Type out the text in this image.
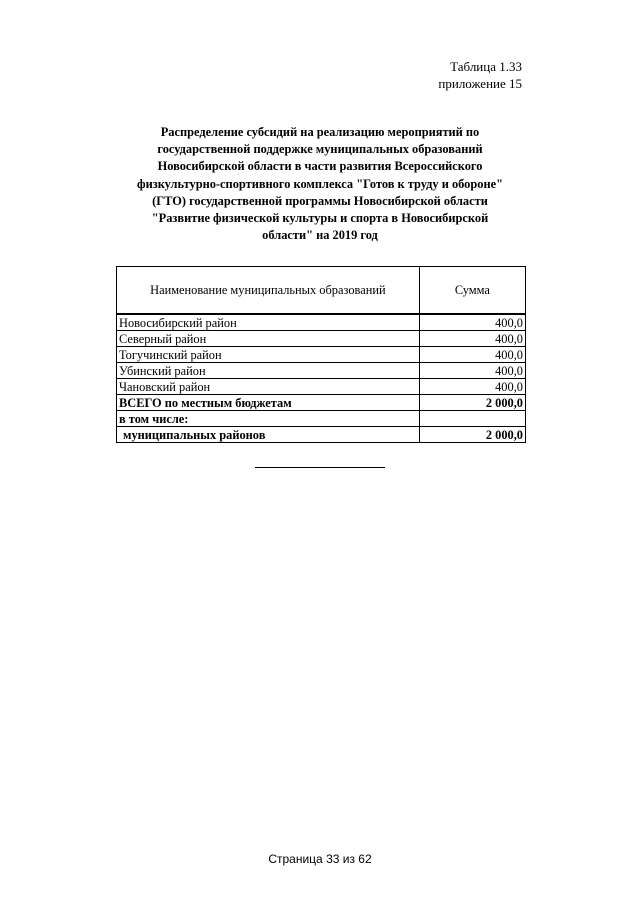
Таблица 1.33
приложение 15
Распределение субсидий на реализацию мероприятий по
государственной поддержке муниципальных образований
Новосибирской области в части развития Всероссийского
физкультурно-спортивного комплекса "Готов к труду и обороне"
(ГТО) государственной программы Новосибирской области
"Развитие физической культуры и спорта в Новосибирской
области" на 2019 год
Наименование муниципальных образований	Сумма
Новосибирский район	400,0
Северный район	400,0
Тогучинский район	400,0
Убинский район	400,0
Чановский район	400,0
ВСЕГО по местным бюджетам	2 000,0
в том числе:	
муниципальных районов	2 000,0
Страница 33 из 62
